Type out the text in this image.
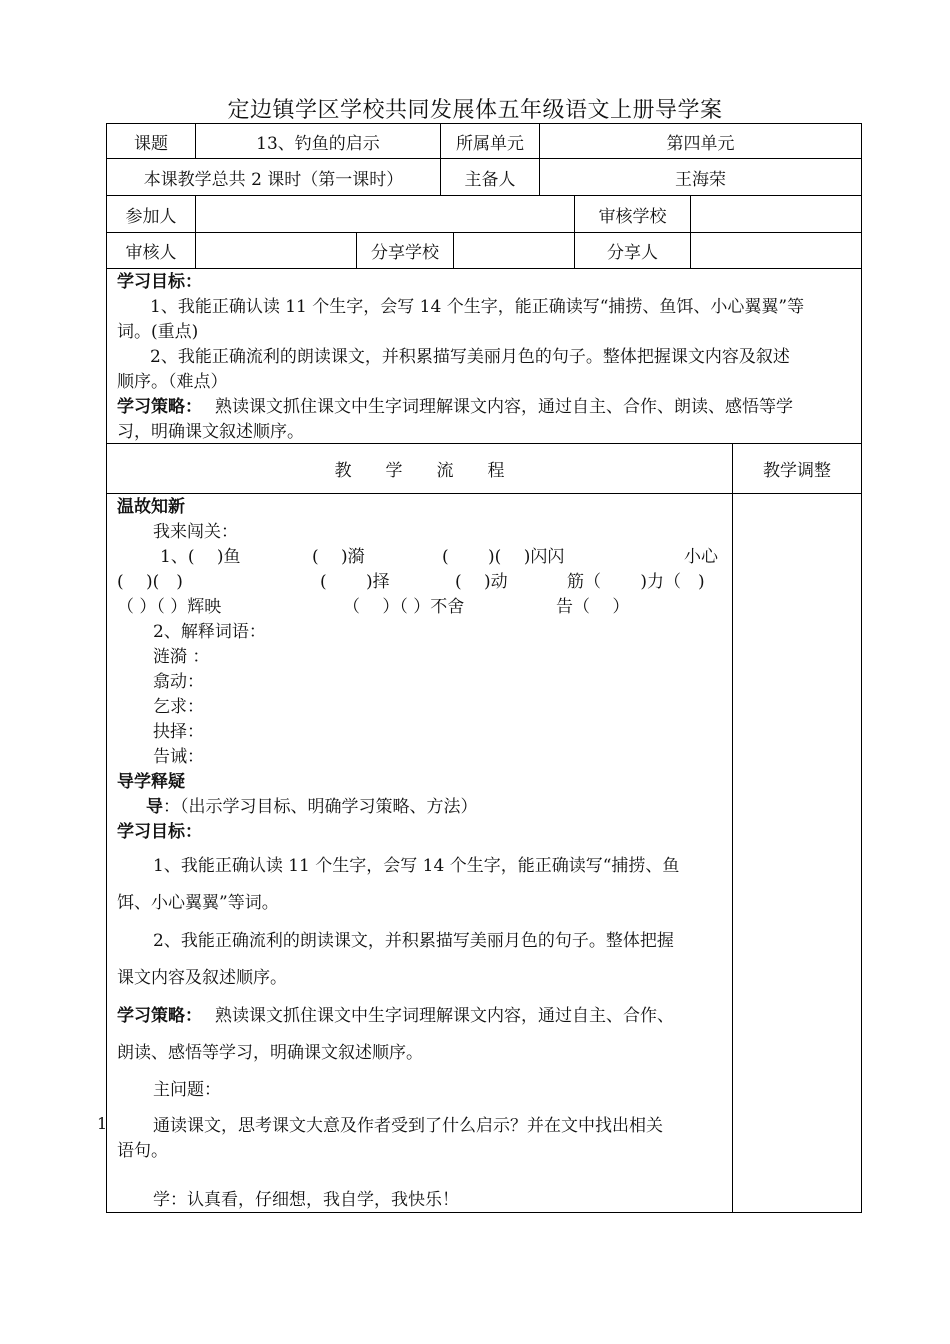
定边镇学区学校共同发展体五年级语文上册导学案
课题	13、钓鱼的启示	所属单元	第四单元
本课教学总共 2 课时（第一课时）	主备人	王海荣
参加人	审核学校
审核人	分享学校	分享人
学习目标：
1、我能正确认读 11 个生字，会写 14 个生字，能正确读写“捕捞、鱼饵、小心翼翼”等
词。(重点)
2、我能正确流利的朗读课文，并积累描写美丽月色的句子。整体把握课文内容及叙述
顺序。（难点）
学习策略： 熟读课文抓住课文中生字词理解课文内容，通过自主、合作、朗读、感悟等学
习，明确课文叙述顺序。
教　　学　　流　　程	教学调整
温故知新
我来闯关：
1、(　 )鱼	(　 )漪	(　　 )(　 )闪闪	小心
(　 )(　)	(　　 )择	(　 )动	筋（　　 )力（　)
（ ）（ ）辉映	（　 ）（ ）不舍	告（　 ）
2、解释词语：
涟漪 ：
翕动：
乞求：
抉择：
告诫：
导学释疑
导：（出示学习目标、明确学习策略、方法）
学习目标：
1、我能正确认读 11 个生字，会写 14 个生字，能正确读写“捕捞、鱼
饵、小心翼翼”等词。
2、我能正确流利的朗读课文，并积累描写美丽月色的句子。整体把握
课文内容及叙述顺序。
学习策略： 熟读课文抓住课文中生字词理解课文内容，通过自主、合作、
朗读、感悟等学习，明确课文叙述顺序。
主问题：
通读课文，思考课文大意及作者受到了什么启示？并在文中找出相关
语句。
学：认真看，仔细想，我自学，我快乐！
1
